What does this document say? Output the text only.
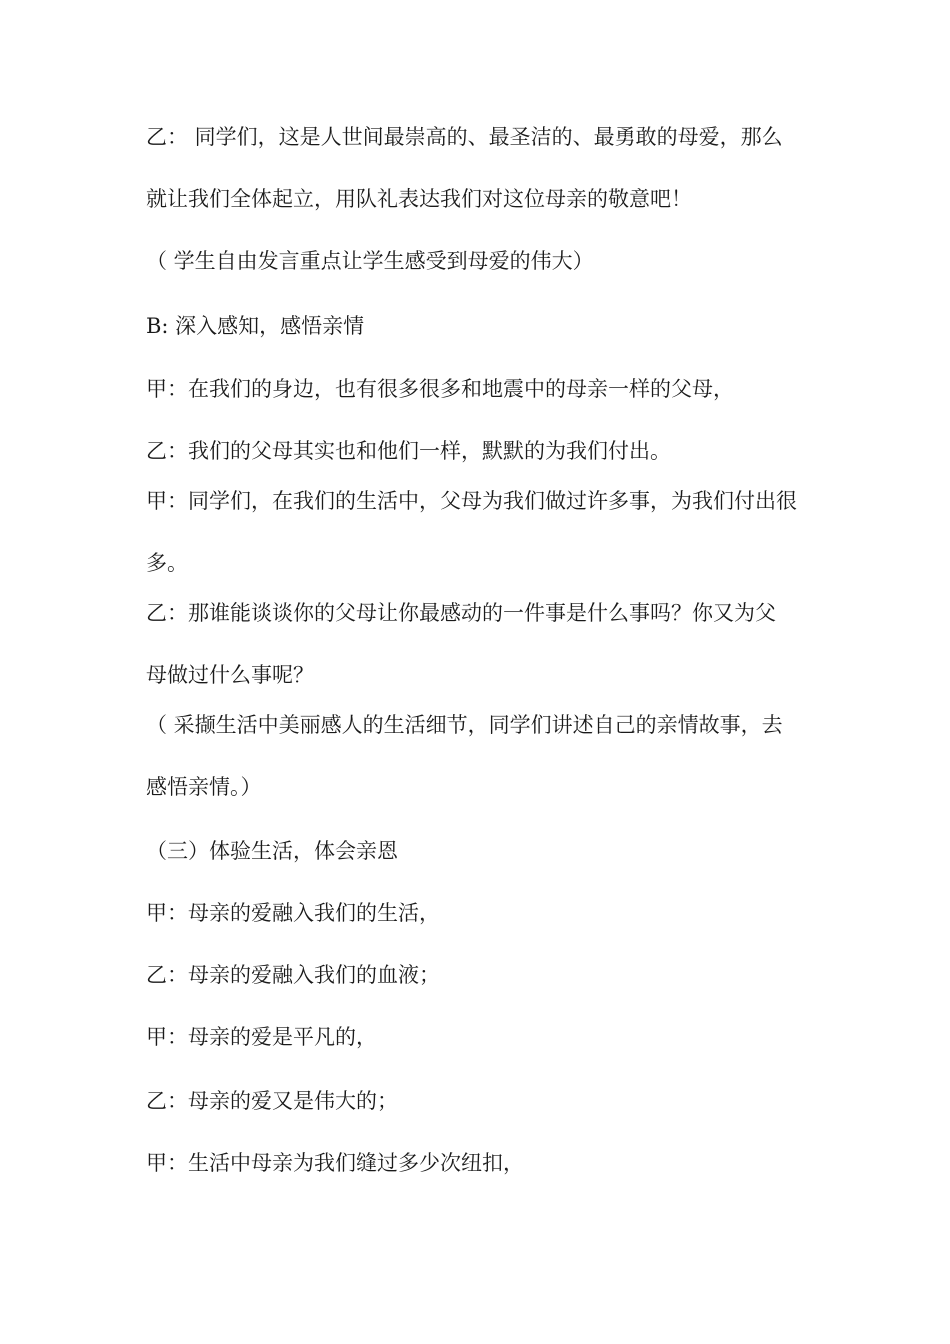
乙： 同学们，这是人世间最崇高的、最圣洁的、最勇敢的母爱，那么
就让我们全体起立，用队礼表达我们对这位母亲的敬意吧！
（ 学生自由发言重点让学生感受到母爱的伟大）
B: 深入感知，感悟亲情
甲：在我们的身边，也有很多很多和地震中的母亲一样的父母，
乙：我们的父母其实也和他们一样，默默的为我们付出。
甲：同学们，在我们的生活中，父母为我们做过许多事，为我们付出很
多。
乙：那谁能谈谈你的父母让你最感动的一件事是什么事吗？你又为父
母做过什么事呢？
（ 采撷生活中美丽感人的生活细节，同学们讲述自己的亲情故事，去
感悟亲情。）
（三）体验生活，体会亲恩
甲：母亲的爱融入我们的生活，
乙：母亲的爱融入我们的血液；
甲：母亲的爱是平凡的，
乙：母亲的爱又是伟大的；
甲：生活中母亲为我们缝过多少次纽扣，
